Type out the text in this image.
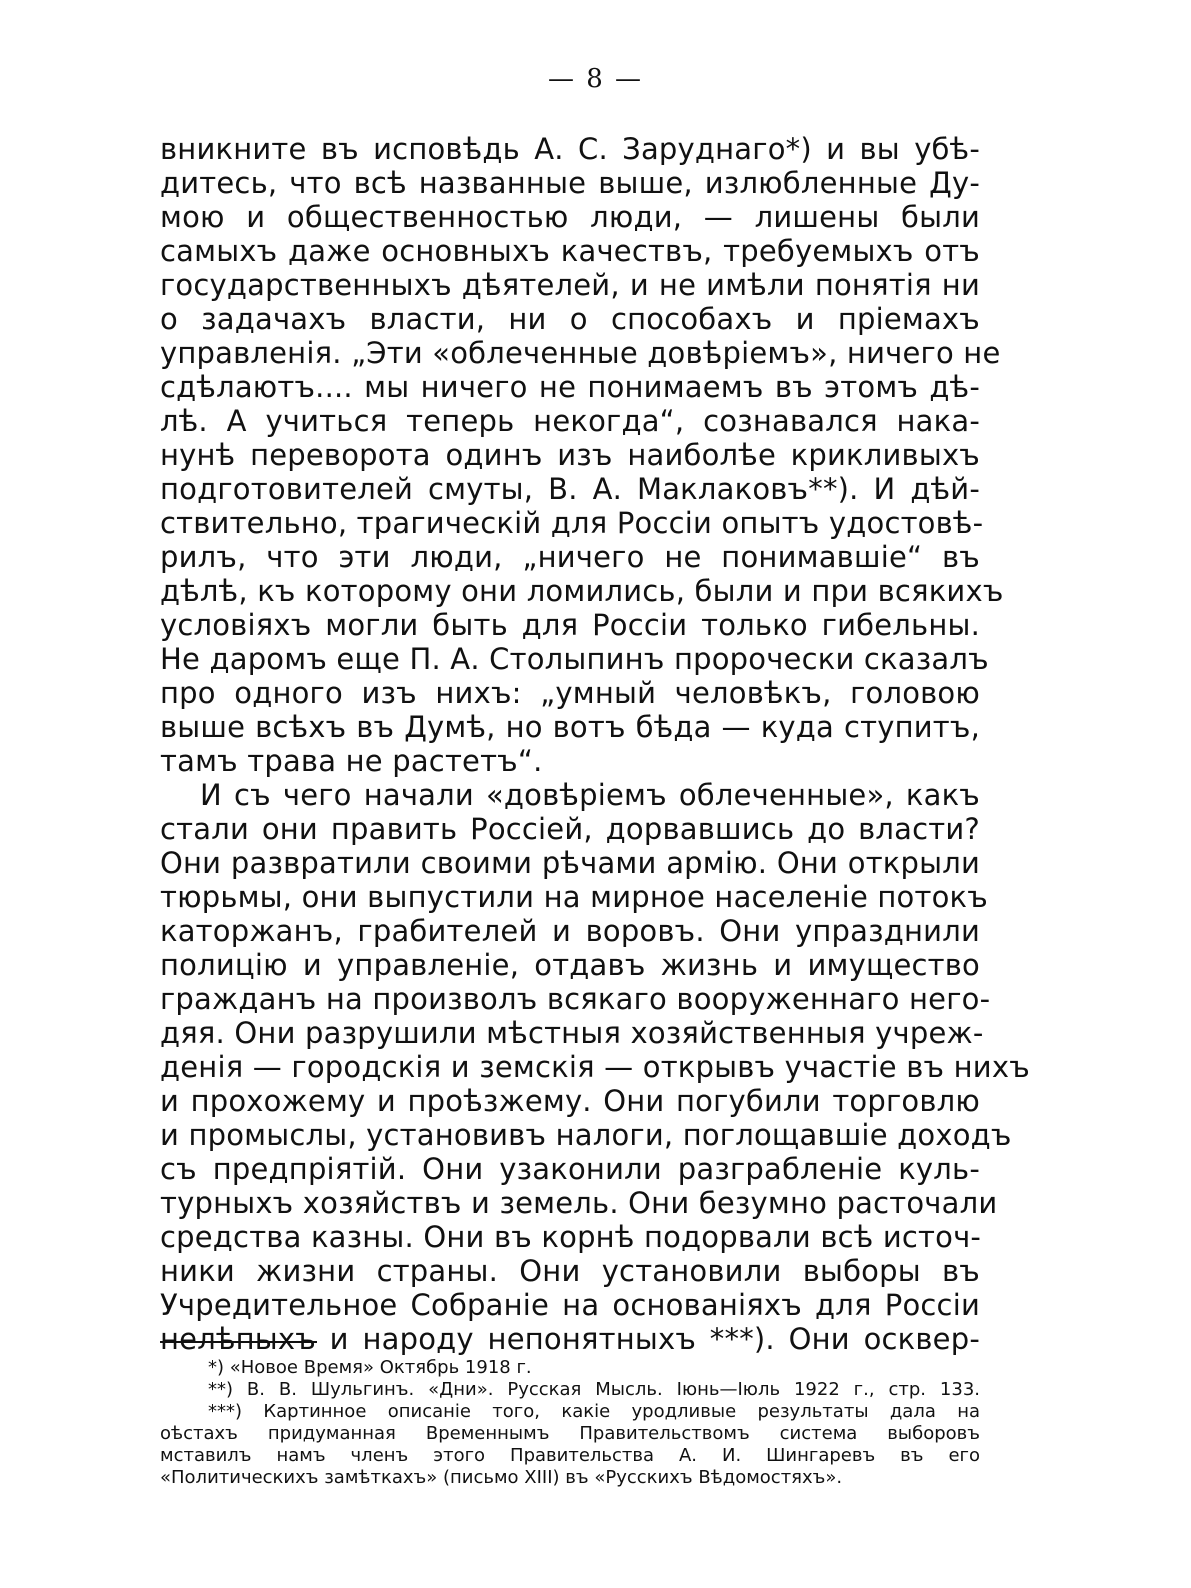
— 8 —
вникните въ исповѣдь А. С. Заруднаго*) и вы убѣ-
дитесь, что всѣ названные выше, излюбленные Ду-
мою и общественностью люди, — лишены были
самыхъ даже основныхъ качествъ, требуемыхъ отъ
государственныхъ дѣятелей, и не имѣли понятія ни
о задачахъ власти, ни о способахъ и пріемахъ
управленія. „Эти «облеченные довѣріемъ», ничего не
сдѣлаютъ.... мы ничего не понимаемъ въ этомъ дѣ-
лѣ. А учиться теперь некогда“, сознавался нака-
нунѣ переворота одинъ изъ наиболѣе крикливыхъ
подготовителей смуты, В. А. Маклаковъ**). И дѣй-
ствительно, трагическій для Россіи опытъ удостовѣ-
рилъ, что эти люди, „ничего не понимавшіе“ въ
дѣлѣ, къ которому они ломились, были и при всякихъ
условіяхъ могли быть для Россіи только гибельны.
Не даромъ еще П. А. Столыпинъ пророчески сказалъ
про одного изъ нихъ: „умный человѣкъ, головою
выше всѣхъ въ Думѣ, но вотъ бѣда — куда ступитъ,
тамъ трава не растетъ“.
И съ чего начали «довѣріемъ облеченные», какъ
стали они править Россіей, дорвавшись до власти?
Они развратили своими рѣчами армію. Они открыли
тюрьмы, они выпустили на мирное населеніе потокъ
каторжанъ, грабителей и воровъ. Они упразднили
полицію и управленіе, отдавъ жизнь и имущество
гражданъ на произволъ всякаго вооруженнаго него-
дяя. Они разрушили мѣстныя хозяйственныя учреж-
денія — городскія и земскія — открывъ участіе въ нихъ
и прохожему и проѣзжему. Они погубили торговлю
и промыслы, установивъ налоги, поглощавшіе доходъ
съ предпріятій. Они узаконили разграбленіе куль-
турныхъ хозяйствъ и земель. Они безумно расточали
средства казны. Они въ корнѣ подорвали всѣ источ-
ники жизни страны. Они установили выборы въ
Учредительное Собраніе на основаніяхъ для Россіи
нелѣпыхъ и народу непонятныхъ ***). Они осквер-
*) «Новое Время» Октябрь 1918 г.
**) В. В. Шульгинъ. «Дни». Русская Мысль. Іюнь—Іюль 1922 г., стр. 133.
***) Картинное описаніе того, какіе уродливые результаты дала на
оѣстахъ придуманная Временнымъ Правительствомъ система выборовъ
мставилъ намъ членъ этого Правительства А. И. Шингаревъ въ его
«Политическихъ замѣткахъ» (письмо XIII) въ «Русскихъ Вѣдомостяхъ».
